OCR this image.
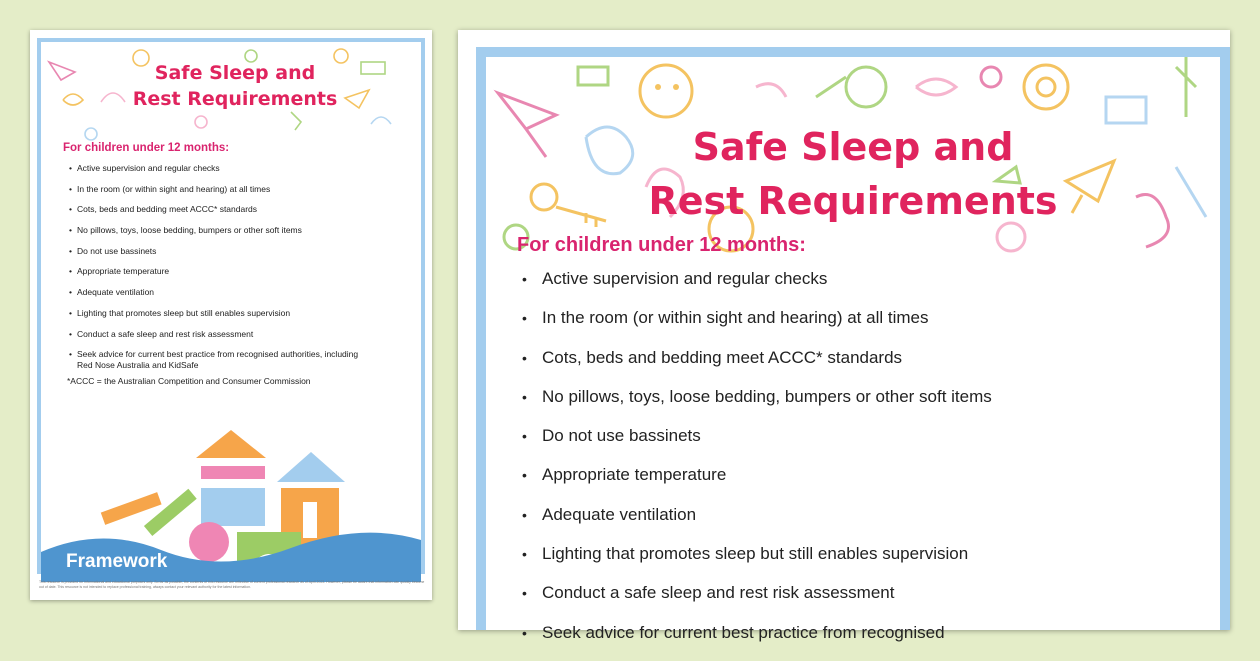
Safe Sleep and
Rest Requirements
For children under 12 months:
• Active supervision and regular checks
• In the room (or within sight and hearing) at all times
• Cots, beds and bedding meet ACCC* standards
• No pillows, toys, loose bedding, bumpers or other soft items
• Do not use bassinets
• Appropriate temperature
• Adequate ventilation
• Lighting that promotes sleep but still enables supervision
• Conduct a safe sleep and rest risk assessment
• Seek advice for current best practice from recognised authorities, including Red Nose Australia and KidSafe
*ACCC = the Australian Competition and Consumer Commission
Framework
This resource is provided for informational and educational purposes only. So far as possible, the contents of this resource are reflective of current professional research as of April 2023. However, please be aware that information can quickly become out of date. This resource is not intended to replace professional training, always contact your relevant authority for the latest information.
Safe Sleep and
Rest Requirements
For children under 12 months:
• Active supervision and regular checks
• In the room (or within sight and hearing) at all times
• Cots, beds and bedding meet ACCC* standards
• No pillows, toys, loose bedding, bumpers or other soft items
• Do not use bassinets
• Appropriate temperature
• Adequate ventilation
• Lighting that promotes sleep but still enables supervision
• Conduct a safe sleep and rest risk assessment
• Seek advice for current best practice from recognised
